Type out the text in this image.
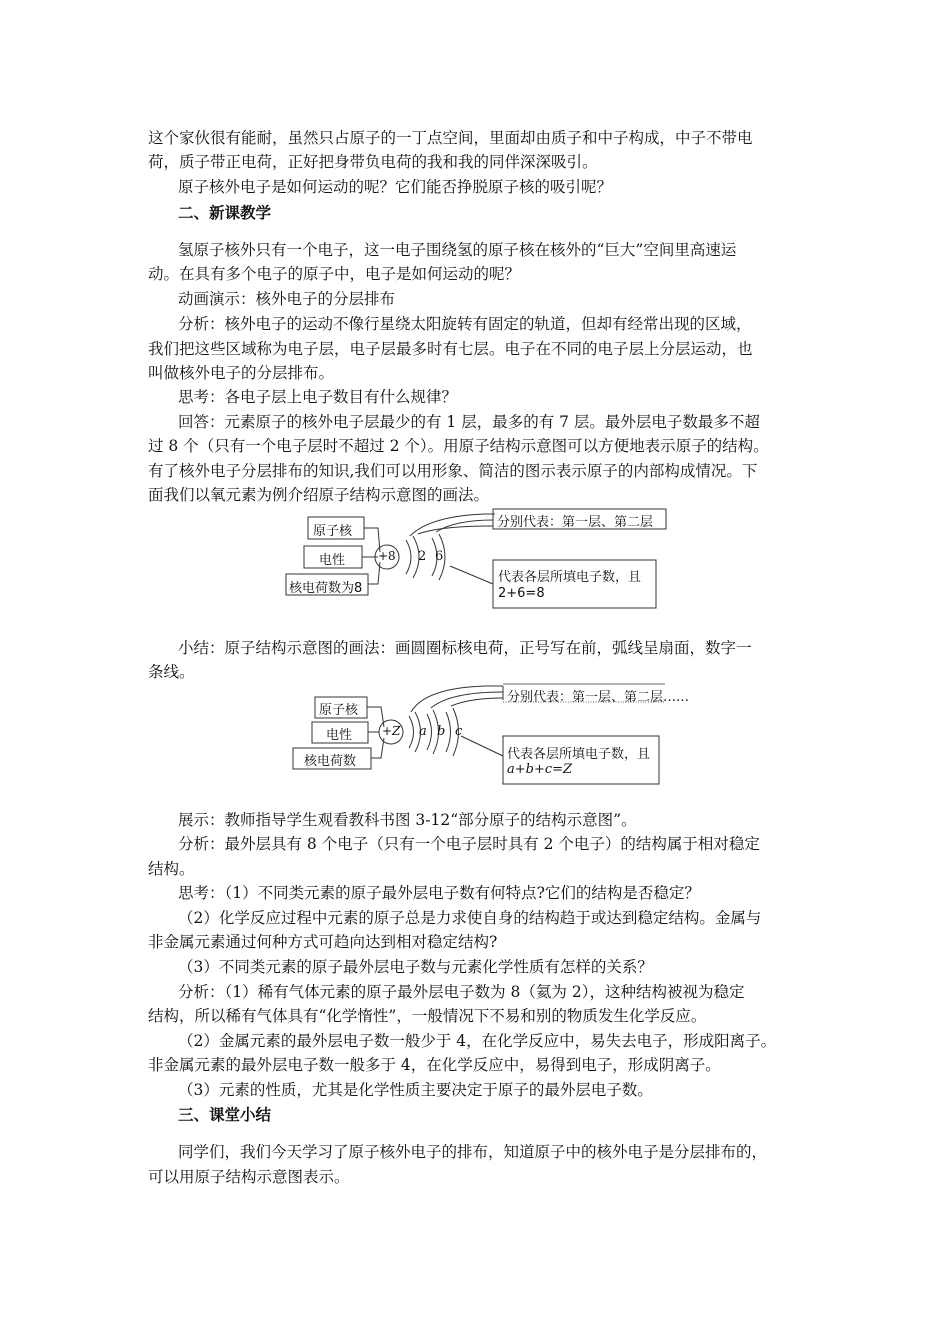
这个家伙很有能耐，虽然只占原子的一丁点空间，里面却由质子和中子构成，中子不带电
荷，质子带正电荷，正好把身带负电荷的我和我的同伴深深吸引。
原子核外电子是如何运动的呢？它们能否挣脱原子核的吸引呢？
二、新课教学
氢原子核外只有一个电子，这一电子围绕氢的原子核在核外的“巨大”空间里高速运
动。在具有多个电子的原子中，电子是如何运动的呢？
动画演示：核外电子的分层排布
分析：核外电子的运动不像行星绕太阳旋转有固定的轨道，但却有经常出现的区域，
我们把这些区域称为电子层，电子层最多时有七层。电子在不同的电子层上分层运动，也
叫做核外电子的分层排布。
思考：各电子层上电子数目有什么规律？
回答：元素原子的核外电子层最少的有 1 层，最多的有 7 层。最外层电子数最多不超
过 8 个（只有一个电子层时不超过 2 个）。用原子结构示意图可以方便地表示原子的结构。
有了核外电子分层排布的知识,我们可以用形象、简洁的图示表示原子的内部构成情况。下
面我们以氧元素为例介绍原子结构示意图的画法。
原子核
电性
核电荷数为8
+8 2 6
分别代表：第一层、第二层
代表各层所填电子数，且
2+6=8
小结：原子结构示意图的画法：画圆圈标核电荷，正号写在前，弧线呈扇面，数字一
条线。
原子核
电性
核电荷数
+Z a b c
分别代表：第一层、第二层……
代表各层所填电子数，且
a+b+c=Z
展示：教师指导学生观看教科书图 3-12“部分原子的结构示意图”。
分析：最外层具有 8 个电子（只有一个电子层时具有 2 个电子）的结构属于相对稳定
结构。
思考：（1）不同类元素的原子最外层电子数有何特点?它们的结构是否稳定？
（2）化学反应过程中元素的原子总是力求使自身的结构趋于或达到稳定结构。金属与
非金属元素通过何种方式可趋向达到相对稳定结构?
（3）不同类元素的原子最外层电子数与元素化学性质有怎样的关系？
分析：（1）稀有气体元素的原子最外层电子数为 8（氦为 2），这种结构被视为稳定
结构，所以稀有气体具有“化学惰性”，一般情况下不易和别的物质发生化学反应。
（2）金属元素的最外层电子数一般少于 4，在化学反应中，易失去电子，形成阳离子。
非金属元素的最外层电子数一般多于 4，在化学反应中，易得到电子，形成阴离子。
（3）元素的性质，尤其是化学性质主要决定于原子的最外层电子数。
三、课堂小结
同学们，我们今天学习了原子核外电子的排布，知道原子中的核外电子是分层排布的，
可以用原子结构示意图表示。
